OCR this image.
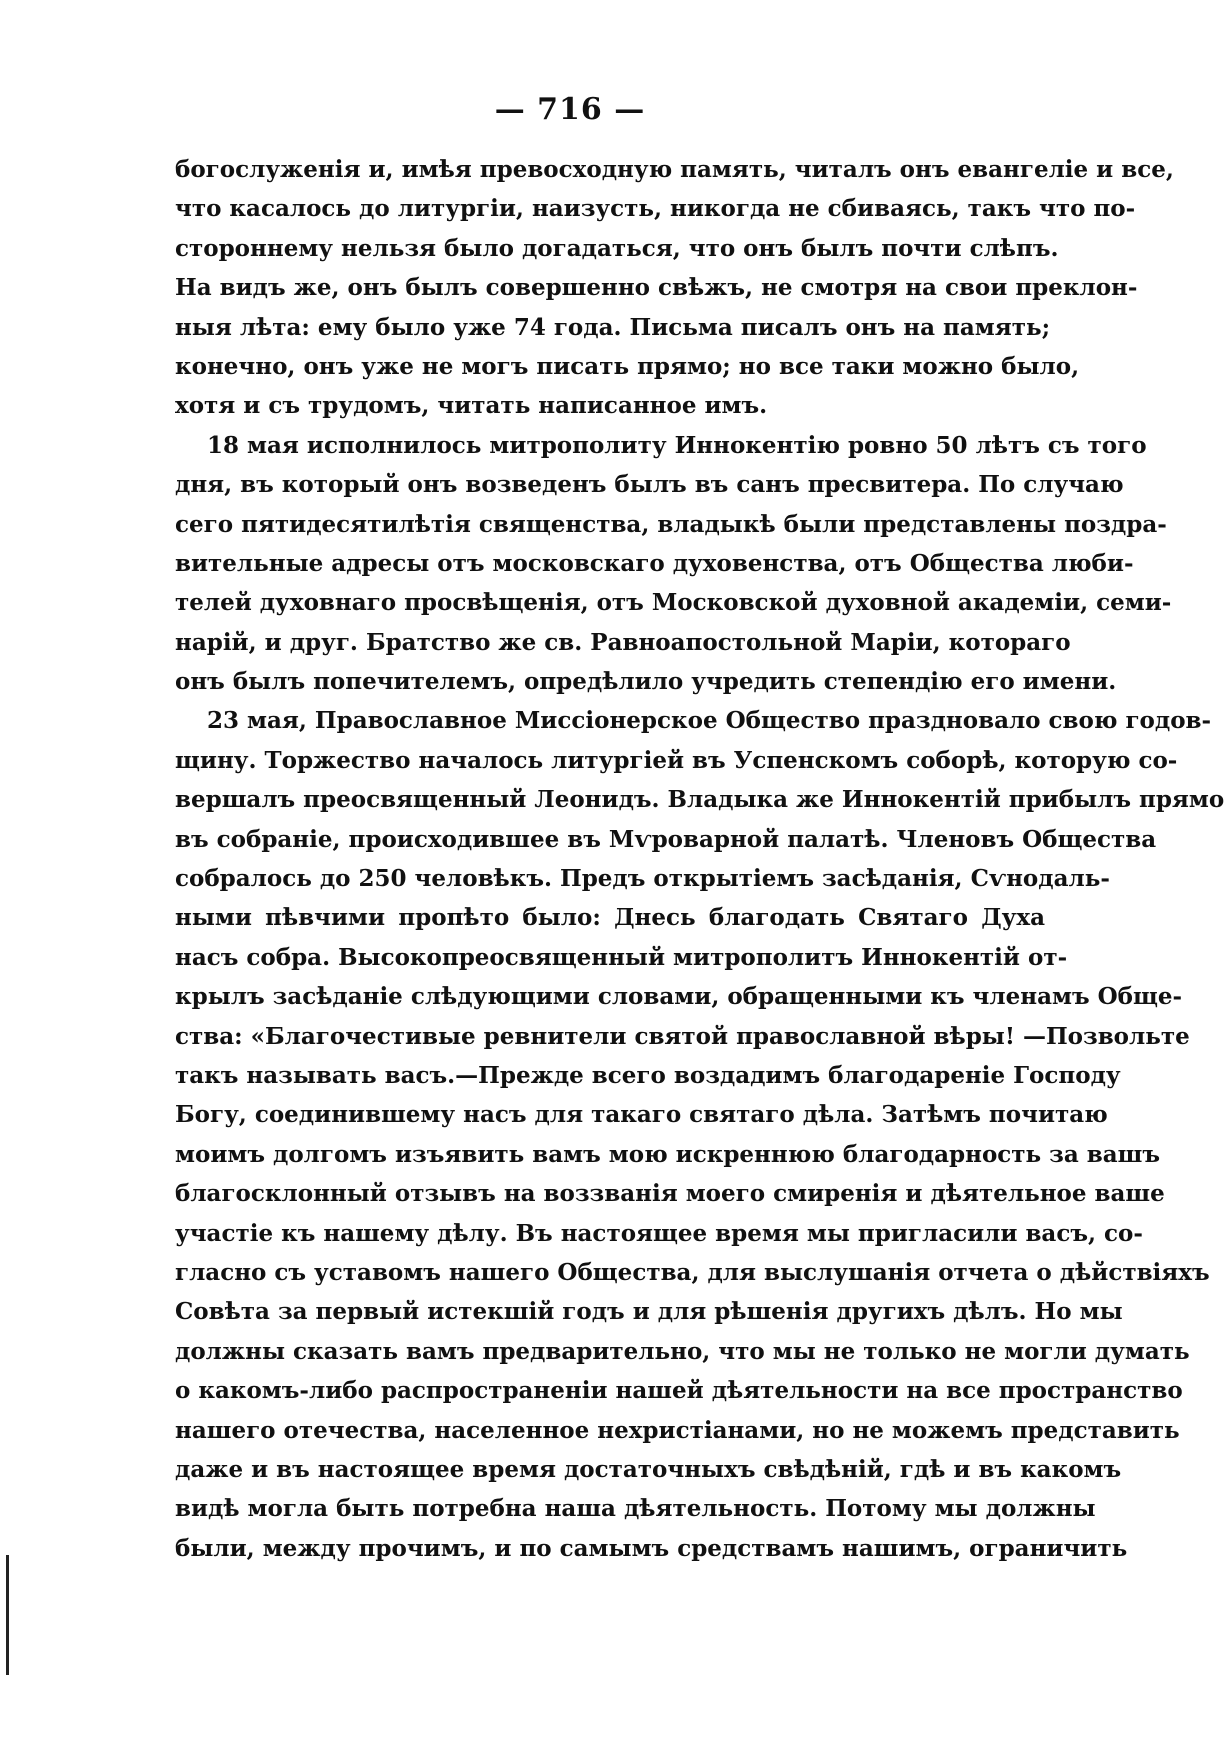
— 716 —
богослуженія и, имѣя превосходную память, читалъ онъ евангеліе и все,
что касалось до литургіи, наизусть, никогда не сбиваясь, такъ что по-
стороннему нельзя было догадаться, что онъ былъ почти слѣпъ.
На видъ же, онъ былъ совершенно свѣжъ, не смотря на свои преклон-
ныя лѣта: ему было уже 74 года. Письма писалъ онъ на память;
конечно, онъ уже не могъ писать прямо; но все таки можно было,
хотя и съ трудомъ, читать написанное имъ.
18 мая исполнилось митрополиту Иннокентію ровно 50 лѣтъ съ того
дня, въ который онъ возведенъ былъ въ санъ пресвитера. По случаю
сего пятидесятилѣтія священства, владыкѣ были представлены поздра-
вительные адресы отъ московскаго духовенства, отъ Общества люби-
телей духовнаго просвѣщенія, отъ Московской духовной академіи, семи-
нарій, и друг. Братство же св. Равноапостольной Маріи, котораго
онъ былъ попечителемъ, опредѣлило учредить степендію его имени.
23 мая, Православное Миссіонерское Общество праздновало свою годов-
щину. Торжество началось литургіей въ Успенскомъ соборѣ, которую со-
вершалъ преосвященный Леонидъ. Владыка же Иннокентій прибылъ прямо
въ собраніе, происходившее въ Мѵроварной палатѣ. Членовъ Общества
собралось до 250 человѣкъ. Предъ открытіемъ засѣданія, Сѵнодаль-
ными пѣвчими пропѣто было: Днесь благодать Святаго Духа
насъ собра. Высокопреосвященный митрополитъ Иннокентій от-
крылъ засѣданіе слѣдующими словами, обращенными къ членамъ Обще-
ства: «Благочестивые ревнители святой православной вѣры! —Позвольте
такъ называть васъ.—Прежде всего воздадимъ благодареніе Господу
Богу, соединившему насъ для такаго святаго дѣла. Затѣмъ почитаю
моимъ долгомъ изъявить вамъ мою искреннюю благодарность за вашъ
благосклонный отзывъ на воззванія моего смиренія и дѣятельное ваше
участіе къ нашему дѣлу. Въ настоящее время мы пригласили васъ, со-
гласно съ уставомъ нашего Общества, для выслушанія отчета о дѣйствіяхъ
Совѣта за первый истекшій годъ и для рѣшенія другихъ дѣлъ. Но мы
должны сказать вамъ предварительно, что мы не только не могли думать
о какомъ-либо распространеніи нашей дѣятельности на все пространство
нашего отечества, населенное нехристіанами, но не можемъ представить
даже и въ настоящее время достаточныхъ свѣдѣній, гдѣ и въ какомъ
видѣ могла быть потребна наша дѣятельность. Потому мы должны
были, между прочимъ, и по самымъ средствамъ нашимъ, ограничить
